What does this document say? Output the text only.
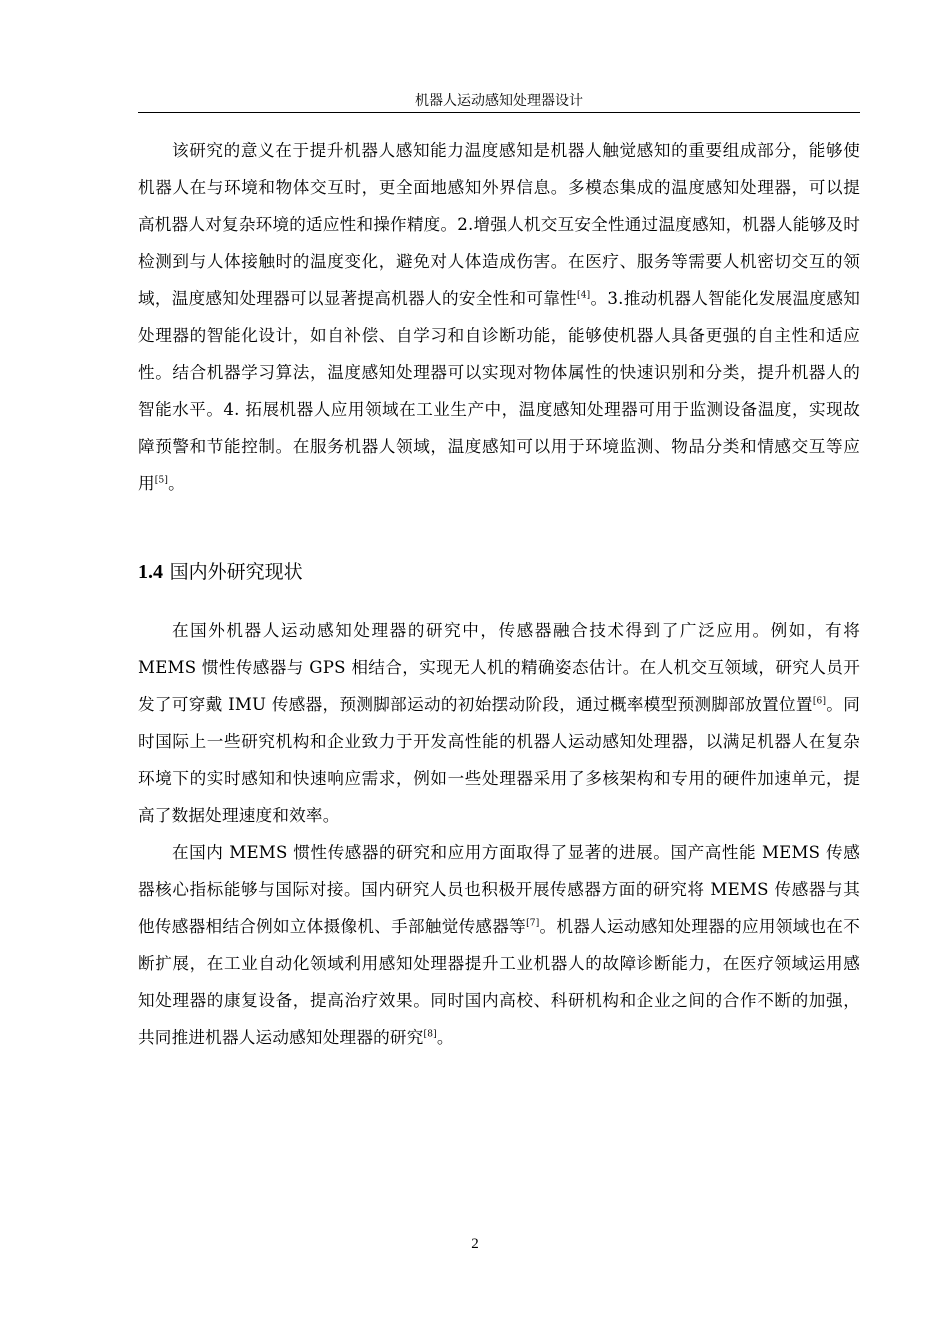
机器人运动感知处理器设计

该研究的意义在于提升机器人感知能力温度感知是机器人触觉感知的重要组成部分，能够使机器人在与环境和物体交互时，更全面地感知外界信息。多模态集成的温度感知处理器，可以提高机器人对复杂环境的适应性和操作精度。2.增强人机交互安全性通过温度感知，机器人能够及时检测到与人体接触时的温度变化，避免对人体造成伤害。在医疗、服务等需要人机密切交互的领域，温度感知处理器可以显著提高机器人的安全性和可靠性[4]。3.推动机器人智能化发展温度感知处理器的智能化设计，如自补偿、自学习和自诊断功能，能够使机器人具备更强的自主性和适应性。结合机器学习算法，温度感知处理器可以实现对物体属性的快速识别和分类，提升机器人的智能水平。4. 拓展机器人应用领域在工业生产中，温度感知处理器可用于监测设备温度，实现故障预警和节能控制。在服务机器人领域，温度感知可以用于环境监测、物品分类和情感交互等应用[5]。

1.4 国内外研究现状

在国外机器人运动感知处理器的研究中，传感器融合技术得到了广泛应用。例如，有将 MEMS 惯性传感器与 GPS 相结合，实现无人机的精确姿态估计。在人机交互领域，研究人员开发了可穿戴 IMU 传感器，预测脚部运动的初始摆动阶段，通过概率模型预测脚部放置位置[6]。同时国际上一些研究机构和企业致力于开发高性能的机器人运动感知处理器，以满足机器人在复杂环境下的实时感知和快速响应需求，例如一些处理器采用了多核架构和专用的硬件加速单元，提高了数据处理速度和效率。

在国内 MEMS 惯性传感器的研究和应用方面取得了显著的进展。国产高性能 MEMS 传感器核心指标能够与国际对接。国内研究人员也积极开展传感器方面的研究将 MEMS 传感器与其他传感器相结合例如立体摄像机、手部触觉传感器等[7]。机器人运动感知处理器的应用领域也在不断扩展，在工业自动化领域利用感知处理器提升工业机器人的故障诊断能力，在医疗领域运用感知处理器的康复设备，提高治疗效果。同时国内高校、科研机构和企业之间的合作不断的加强，共同推进机器人运动感知处理器的研究[8]。

2
